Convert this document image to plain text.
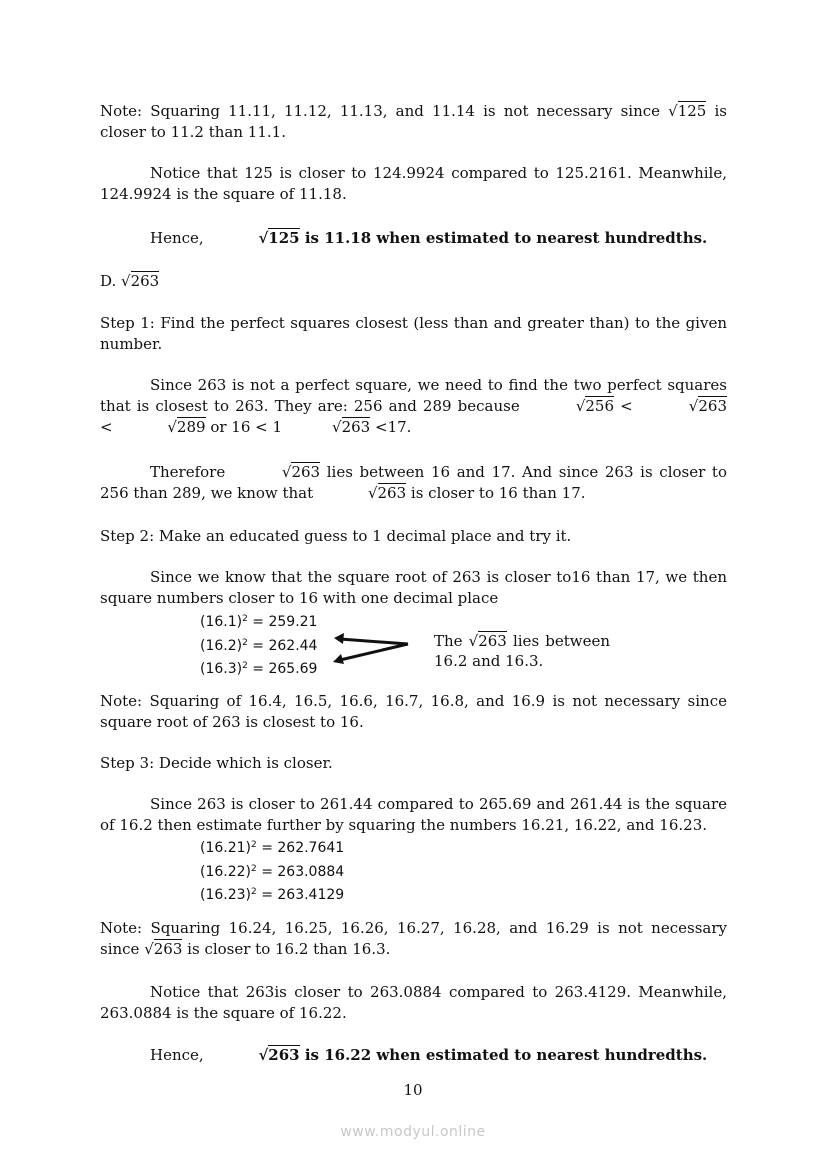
Note: Squaring 11.11, 11.12, 11.13, and 11.14 is not necessary since √125 is closer to 11.2 than 11.1.

Notice that 125 is closer to 124.9924 compared to 125.2161. Meanwhile, 124.9924 is the square of 11.18.

Hence,	√125 is 11.18 when estimated to nearest hundredths.

D. √263

Step 1: Find the perfect squares closest (less than and greater than) to the given number.

Since 263 is not a perfect square, we need to find the two perfect squares that is closest to 263. They are: 256 and 289 because	√256 <	√263 <	√289 or 16 < 1	√263 <17.

Therefore	√263 lies between 16 and 17. And since 263 is closer to 256 than 289, we know that	√263 is closer to 16 than 17.

Step 2: Make an educated guess to 1 decimal place and try it.

Since we know that the square root of 263 is closer to16 than 17, we then square numbers closer to 16 with one decimal place

$(16.1)^2 = 259.21$
$(16.2)^2 = 262.44$
$(16.3)^2 = 265.69$

The √263 lies between 16.2 and 16.3.

Note: Squaring of 16.4, 16.5, 16.6, 16.7, 16.8, and 16.9 is not necessary since square root of 263 is closest to 16.

Step 3: Decide which is closer.

Since 263 is closer to 261.44 compared to 265.69 and 261.44 is the square of 16.2 then estimate further by squaring the numbers 16.21, 16.22, and 16.23.

$(16.21)^2 = 262.7641$
$(16.22)^2 = 263.0884$
$(16.23)^2 = 263.4129$

Note: Squaring 16.24, 16.25, 16.26, 16.27, 16.28, and 16.29 is not necessary since √263 is closer to 16.2 than 16.3.

Notice that 263is closer to 263.0884 compared to 263.4129. Meanwhile, 263.0884 is the square of 16.22.

Hence,	√263 is 16.22 when estimated to nearest hundredths.

10
www.modyul.online
